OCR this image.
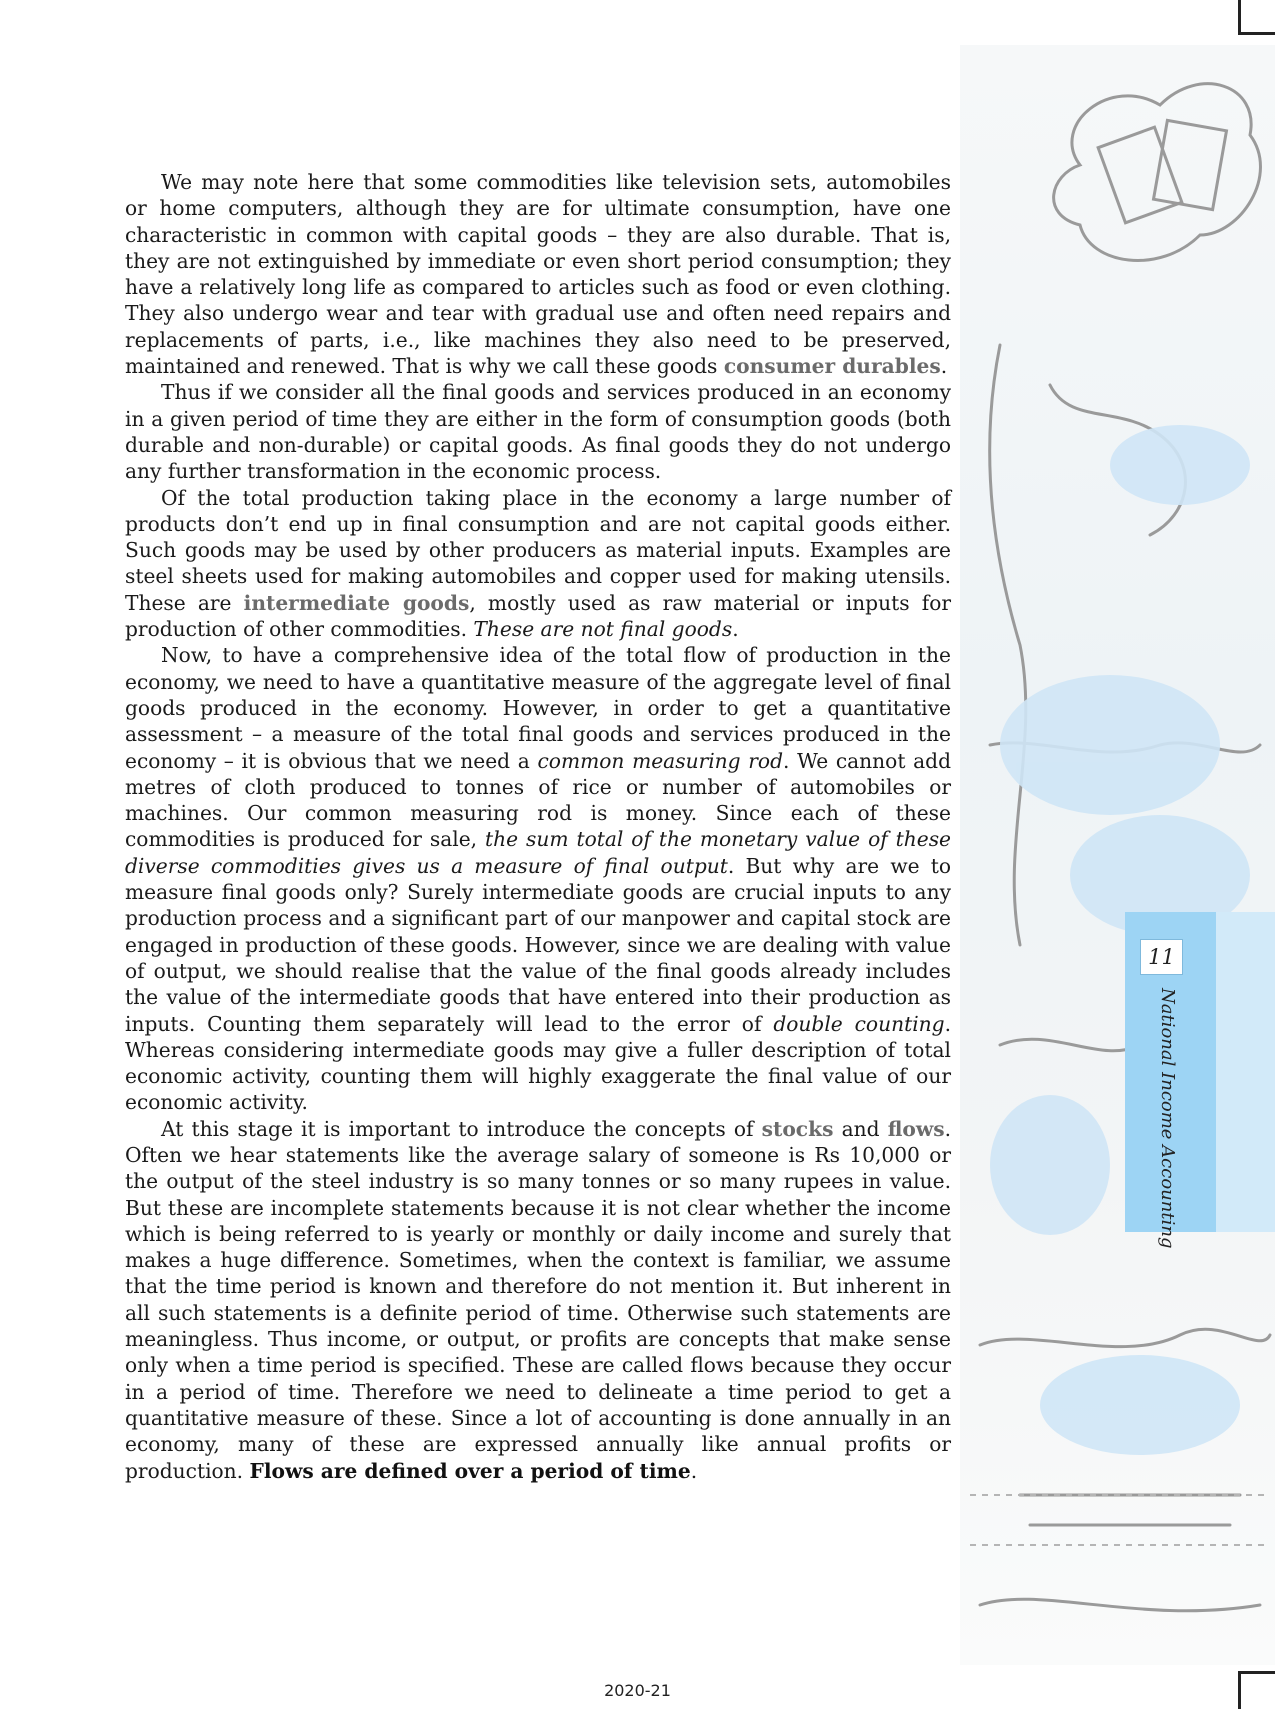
11
National Income Accounting

We may note here that some commodities like television sets, automobiles or home computers, although they are for ultimate consumption, have one characteristic in common with capital goods – they are also durable. That is, they are not extinguished by immediate or even short period consumption; they have a relatively long life as compared to articles such as food or even clothing. They also undergo wear and tear with gradual use and often need repairs and replacements of parts, i.e., like machines they also need to be preserved, maintained and renewed. That is why we call these goods consumer durables.

Thus if we consider all the final goods and services produced in an economy in a given period of time they are either in the form of consumption goods (both durable and non-durable) or capital goods. As final goods they do not undergo any further transformation in the economic process.

Of the total production taking place in the economy a large number of products don’t end up in final consumption and are not capital goods either. Such goods may be used by other producers as material inputs. Examples are steel sheets used for making automobiles and copper used for making utensils. These are intermediate goods, mostly used as raw material or inputs for production of other commodities. These are not final goods.

Now, to have a comprehensive idea of the total flow of production in the economy, we need to have a quantitative measure of the aggregate level of final goods produced in the economy. However, in order to get a quantitative assessment – a measure of the total final goods and services produced in the economy – it is obvious that we need a common measuring rod. We cannot add metres of cloth produced to tonnes of rice or number of automobiles or machines. Our common measuring rod is money. Since each of these commodities is produced for sale, the sum total of the monetary value of these diverse commodities gives us a measure of final output. But why are we to measure final goods only? Surely intermediate goods are crucial inputs to any production process and a significant part of our manpower and capital stock are engaged in production of these goods. However, since we are dealing with value of output, we should realise that the value of the final goods already includes the value of the intermediate goods that have entered into their production as inputs. Counting them separately will lead to the error of double counting. Whereas considering intermediate goods may give a fuller description of total economic activity, counting them will highly exaggerate the final value of our economic activity.

At this stage it is important to introduce the concepts of stocks and flows. Often we hear statements like the average salary of someone is Rs 10,000 or the output of the steel industry is so many tonnes or so many rupees in value. But these are incomplete statements because it is not clear whether the income which is being referred to is yearly or monthly or daily income and surely that makes a huge difference. Sometimes, when the context is familiar, we assume that the time period is known and therefore do not mention it. But inherent in all such statements is a definite period of time. Otherwise such statements are meaningless. Thus income, or output, or profits are concepts that make sense only when a time period is specified. These are called flows because they occur in a period of time. Therefore we need to delineate a time period to get a quantitative measure of these. Since a lot of accounting is done annually in an economy, many of these are expressed annually like annual profits or production. Flows are defined over a period of time.

2020-21
